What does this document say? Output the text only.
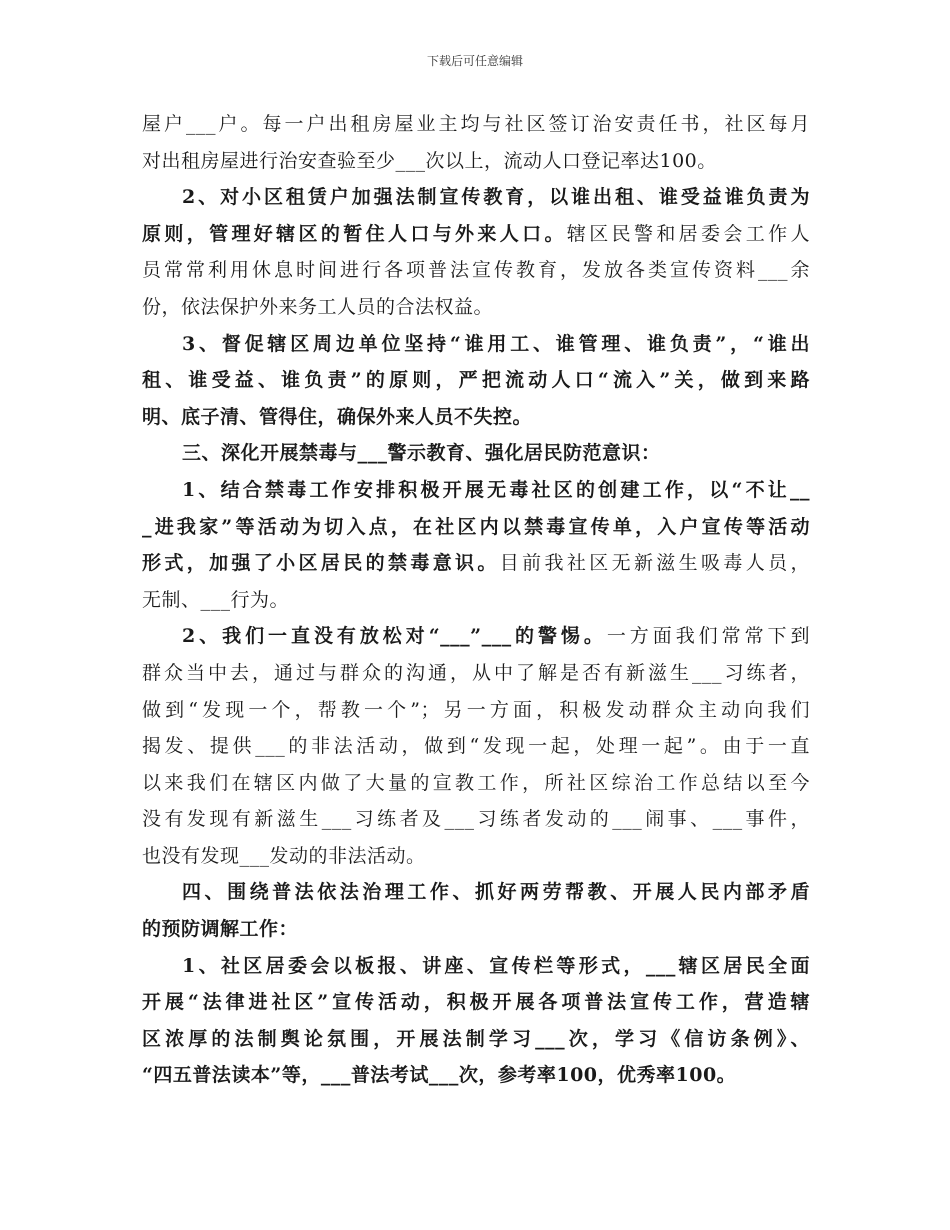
下载后可任意编辑
屋户___户。每一户出租房屋业主均与社区签订治安责任书，社区每月
对出租房屋进行治安查验至少___次以上，流动人口登记率达100。
2、对小区租赁户加强法制宣传教育，以谁出租、谁受益谁负责为
原则，管理好辖区的暂住人口与外来人口。辖区民警和居委会工作人
员常常利用休息时间进行各项普法宣传教育，发放各类宣传资料___余
份，依法保护外来务工人员的合法权益。
3、督促辖区周边单位坚持“谁用工、谁管理、谁负责”，“谁出
租、谁受益、谁负责”的原则，严把流动人口“流入”关，做到来路
明、底子清、管得住，确保外来人员不失控。
三、深化开展禁毒与___警示教育、强化居民防范意识：
1、结合禁毒工作安排积极开展无毒社区的创建工作，以“不让__
_进我家”等活动为切入点，在社区内以禁毒宣传单，入户宣传等活动
形式，加强了小区居民的禁毒意识。目前我社区无新滋生吸毒人员，
无制、___行为。
2、我们一直没有放松对“___”___的警惕。一方面我们常常下到
群众当中去，通过与群众的沟通，从中了解是否有新滋生___习练者，
做到“发现一个，帮教一个”；另一方面，积极发动群众主动向我们
揭发、提供___的非法活动，做到“发现一起，处理一起”。由于一直
以来我们在辖区内做了大量的宣教工作，所社区综治工作总结以至今
没有发现有新滋生___习练者及___习练者发动的___闹事、___事件，
也没有发现___发动的非法活动。
四、围绕普法依法治理工作、抓好两劳帮教、开展人民内部矛盾
的预防调解工作：
1、社区居委会以板报、讲座、宣传栏等形式，___辖区居民全面
开展“法律进社区”宣传活动，积极开展各项普法宣传工作，营造辖
区浓厚的法制舆论氛围，开展法制学习___次，学习《信访条例》、
“四五普法读本”等，___普法考试___次，参考率100，优秀率100。
